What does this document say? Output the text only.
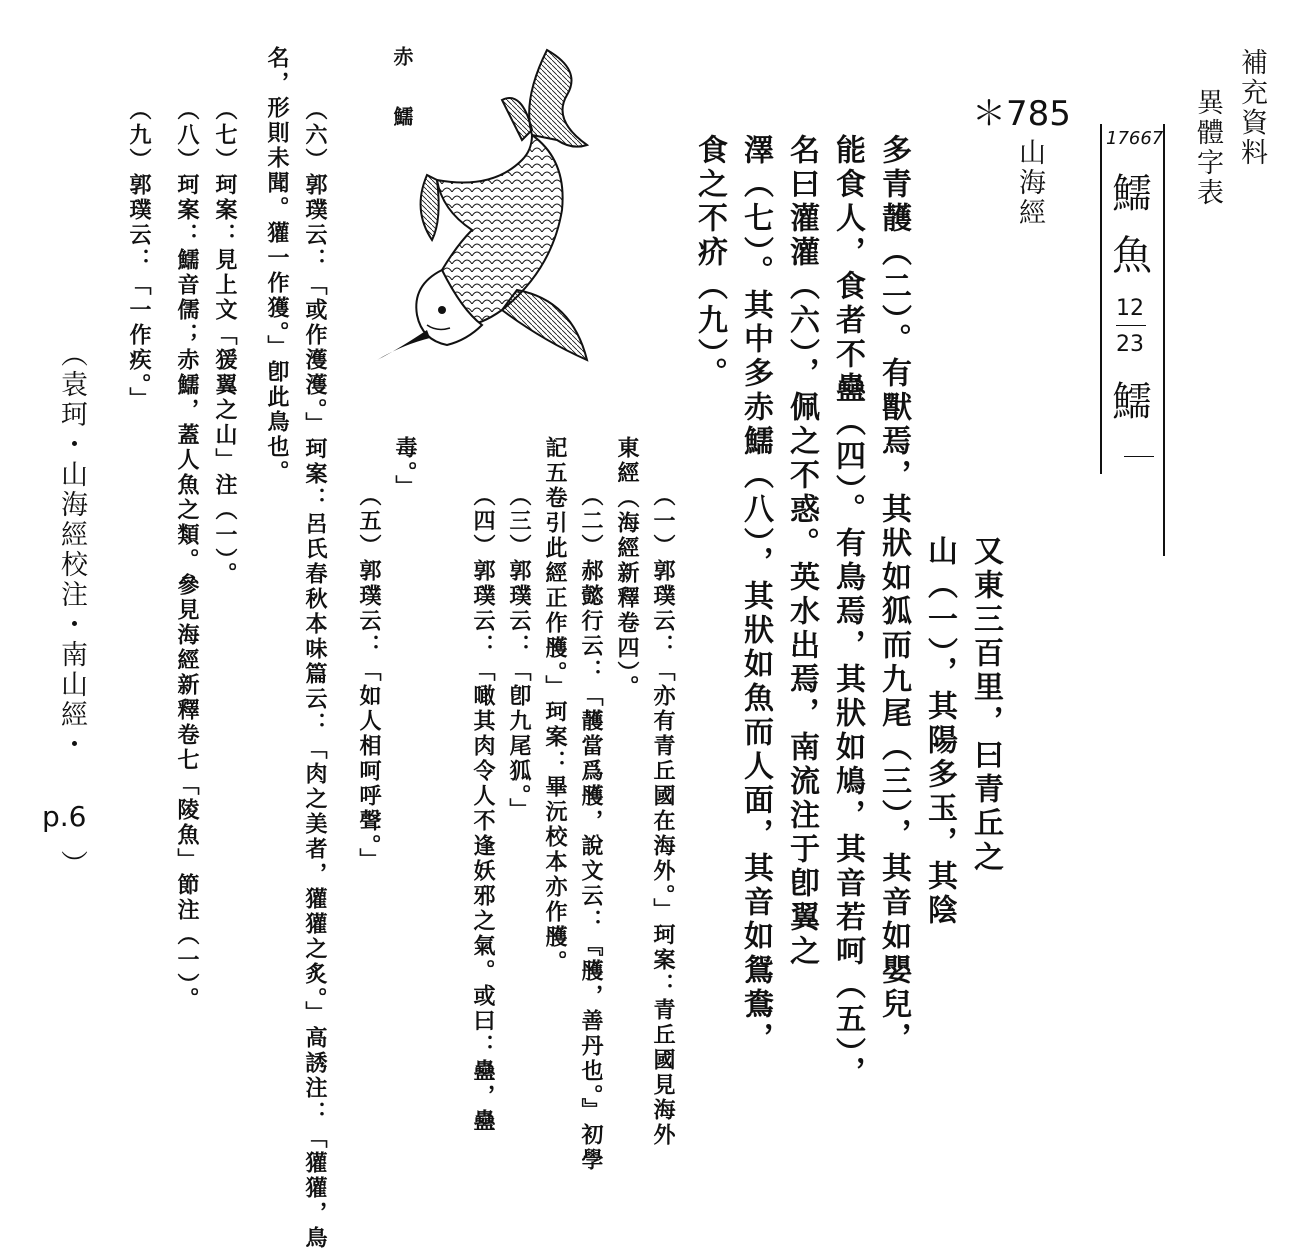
補充資料
異體字表
17667
鱬
魚
12
23
鱬
＊785
山海經
又東三百里，曰青丘之
山（一），其陽多玉，其陰
多青䨼（二）。有獸焉，其狀如狐而九尾（三），其音如嬰兒，
能食人，食者不蠱（四）。有鳥焉，其狀如鳩，其音若呵（五），
名曰灌灌（六），佩之不惑。英水出焉，南流注于卽翼之
澤（七）。其中多赤鱬（八），其狀如魚而人面，其音如鴛鴦，
食之不疥（九）。
（一）郭璞云：「亦有青丘國在海外。」珂案：青丘國見海外
東經（海經新釋卷四）。
（二）郝懿行云：「䨼當爲雘，說文云：『雘，善丹也。』初學
記五卷引此經正作雘。」珂案：畢沅校本亦作雘。
（三）郭璞云：「卽九尾狐。」
（四）郭璞云：「噉其肉令人不逢妖邪之氣。或曰：蠱，蠱
毒。」
（五）郭璞云：「如人相呵呼聲。」
赤鱬
（六）郭璞云：「或作濩濩。」珂案：呂氏春秋本味篇云：「肉之美者，獾獾之炙。」高誘注：「獾獾，鳥
名，形則未聞。獾一作獲。」卽此鳥也。
（七）珂案：見上文「猨翼之山」注（一）。
（八）珂案：鱬音儒；赤鱬，蓋人魚之類。參見海經新釋卷七「陵魚」節注（一）。
（九）郭璞云：「一作疾。」
（袁珂・山海經校注・南山經・
p.6
）
